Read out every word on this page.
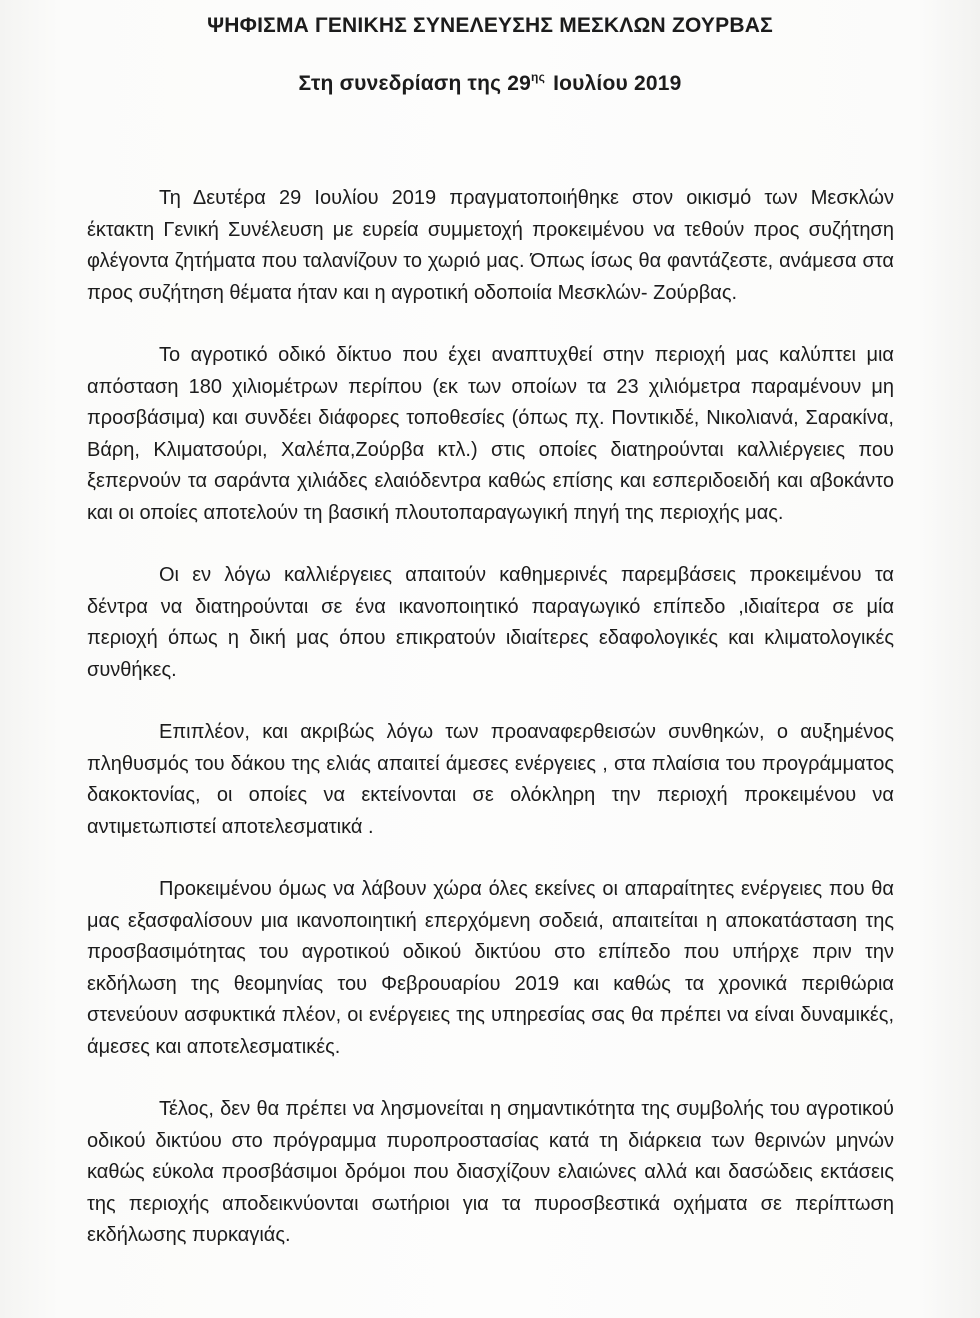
ΨΗΦΙΣΜΑ ΓΕΝΙΚΗΣ ΣΥΝΕΛΕΥΣΗΣ ΜΕΣΚΛΩΝ ΖΟΥΡΒΑΣ
Στη συνεδρίαση της $29^{\eta\varsigma}$ Ιουλίου 2019

Τη Δευτέρα 29 Ιουλίου 2019 πραγματοποιήθηκε στον οικισμό των Μεσκλών έκτακτη Γενική Συνέλευση με ευρεία συμμετοχή προκειμένου να τεθούν προς συζήτηση φλέγοντα ζητήματα που ταλανίζουν το χωριό μας. Όπως ίσως θα φαντάζεστε, ανάμεσα στα προς συζήτηση θέματα ήταν και η αγροτική οδοποιία Μεσκλών- Ζούρβας.

Το αγροτικό οδικό δίκτυο που έχει αναπτυχθεί στην περιοχή μας καλύπτει μια απόσταση 180 χιλιομέτρων περίπου (εκ των οποίων τα 23 χιλιόμετρα παραμένουν μη προσβάσιμα) και συνδέει διάφορες τοποθεσίες (όπως πχ. Ποντικιδέ, Νικολιανά, Σαρακίνα, Βάρη, Κλιματσούρι, Χαλέπα,Ζούρβα κτλ.) στις οποίες διατηρούνται καλλιέργειες που ξεπερνούν τα σαράντα χιλιάδες ελαιόδεντρα καθώς επίσης και εσπεριδοειδή και αβοκάντο και οι οποίες αποτελούν τη βασική πλουτοπαραγωγική πηγή της περιοχής μας.

Οι εν λόγω καλλιέργειες απαιτούν καθημερινές παρεμβάσεις προκειμένου τα δέντρα να διατηρούνται σε ένα ικανοποιητικό παραγωγικό επίπεδο ,ιδιαίτερα σε μία περιοχή όπως η δική μας όπου επικρατούν ιδιαίτερες εδαφολογικές και κλιματολογικές συνθήκες.

Επιπλέον, και ακριβώς λόγω των προαναφερθεισών συνθηκών, ο αυξημένος πληθυσμός του δάκου της ελιάς απαιτεί άμεσες ενέργειες , στα πλαίσια του προγράμματος δακοκτονίας, οι οποίες να εκτείνονται σε ολόκληρη την περιοχή προκειμένου να αντιμετωπιστεί αποτελεσματικά .

Προκειμένου όμως να λάβουν χώρα όλες εκείνες οι απαραίτητες ενέργειες που θα μας εξασφαλίσουν μια ικανοποιητική επερχόμενη σοδειά, απαιτείται η αποκατάσταση της προσβασιμότητας του αγροτικού οδικού δικτύου στο επίπεδο που υπήρχε πριν την εκδήλωση της θεομηνίας του Φεβρουαρίου 2019 και καθώς τα χρονικά περιθώρια στενεύουν ασφυκτικά πλέον, οι ενέργειες της υπηρεσίας σας θα πρέπει να είναι δυναμικές, άμεσες και αποτελεσματικές.

Τέλος, δεν θα πρέπει να λησμονείται η σημαντικότητα της συμβολής του αγροτικού οδικού δικτύου στο πρόγραμμα πυροπροστασίας κατά τη διάρκεια των θερινών μηνών καθώς εύκολα προσβάσιμοι δρόμοι που διασχίζουν ελαιώνες αλλά και δασώδεις εκτάσεις της περιοχής αποδεικνύονται σωτήριοι για τα πυροσβεστικά οχήματα σε περίπτωση εκδήλωσης πυρκαγιάς.
